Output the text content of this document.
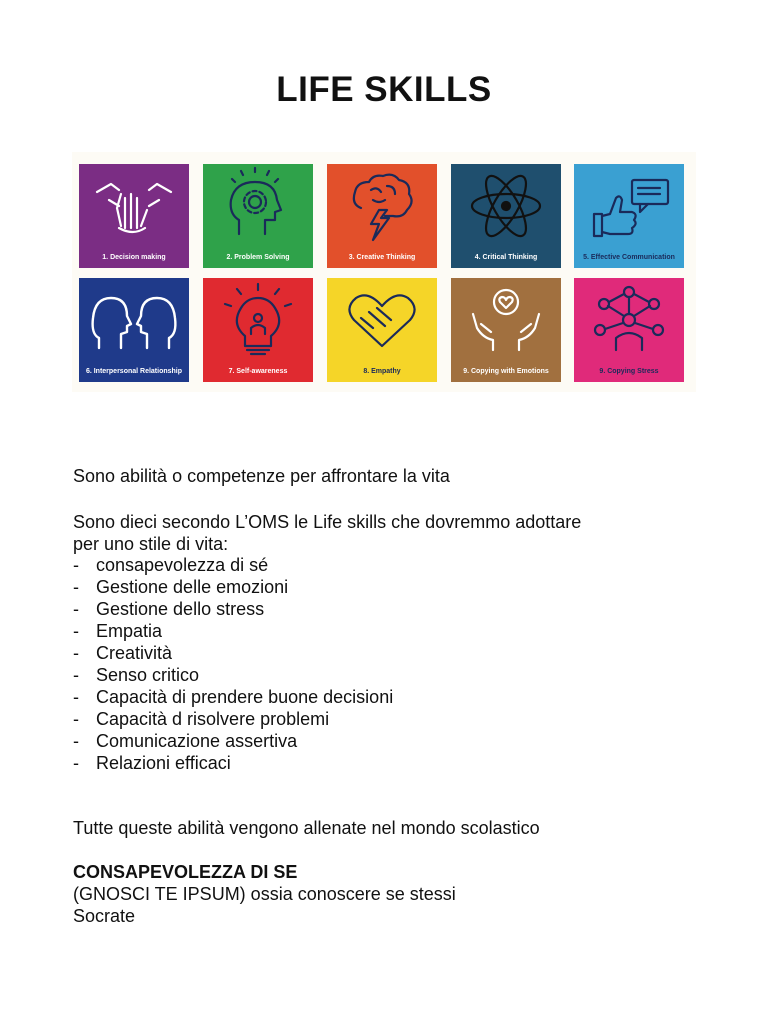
LIFE SKILLS
1. Decision making	2. Problem Solving	3. Creative Thinking	4. Critical Thinking	5. Effective Communication
6. Interpersonal Relationship	7. Self-awareness	8. Empathy	9. Copying with Emotions	9. Copying Stress

Sono abilità o competenze per affrontare la vita

Sono dieci secondo L’OMS le Life skills che dovremmo adottare

per uno stile di vita:

- consapevolezza di sé
- Gestione delle emozioni
- Gestione dello stress
- Empatia
- Creatività
- Senso critico
- Capacità di prendere buone decisioni
- Capacità d risolvere problemi
- Comunicazione assertiva
- Relazioni efficaci

Tutte queste abilità vengono allenate nel mondo scolastico

CONSAPEVOLEZZA DI SE

(GNOSCI TE IPSUM) ossia conoscere se stessi

Socrate
